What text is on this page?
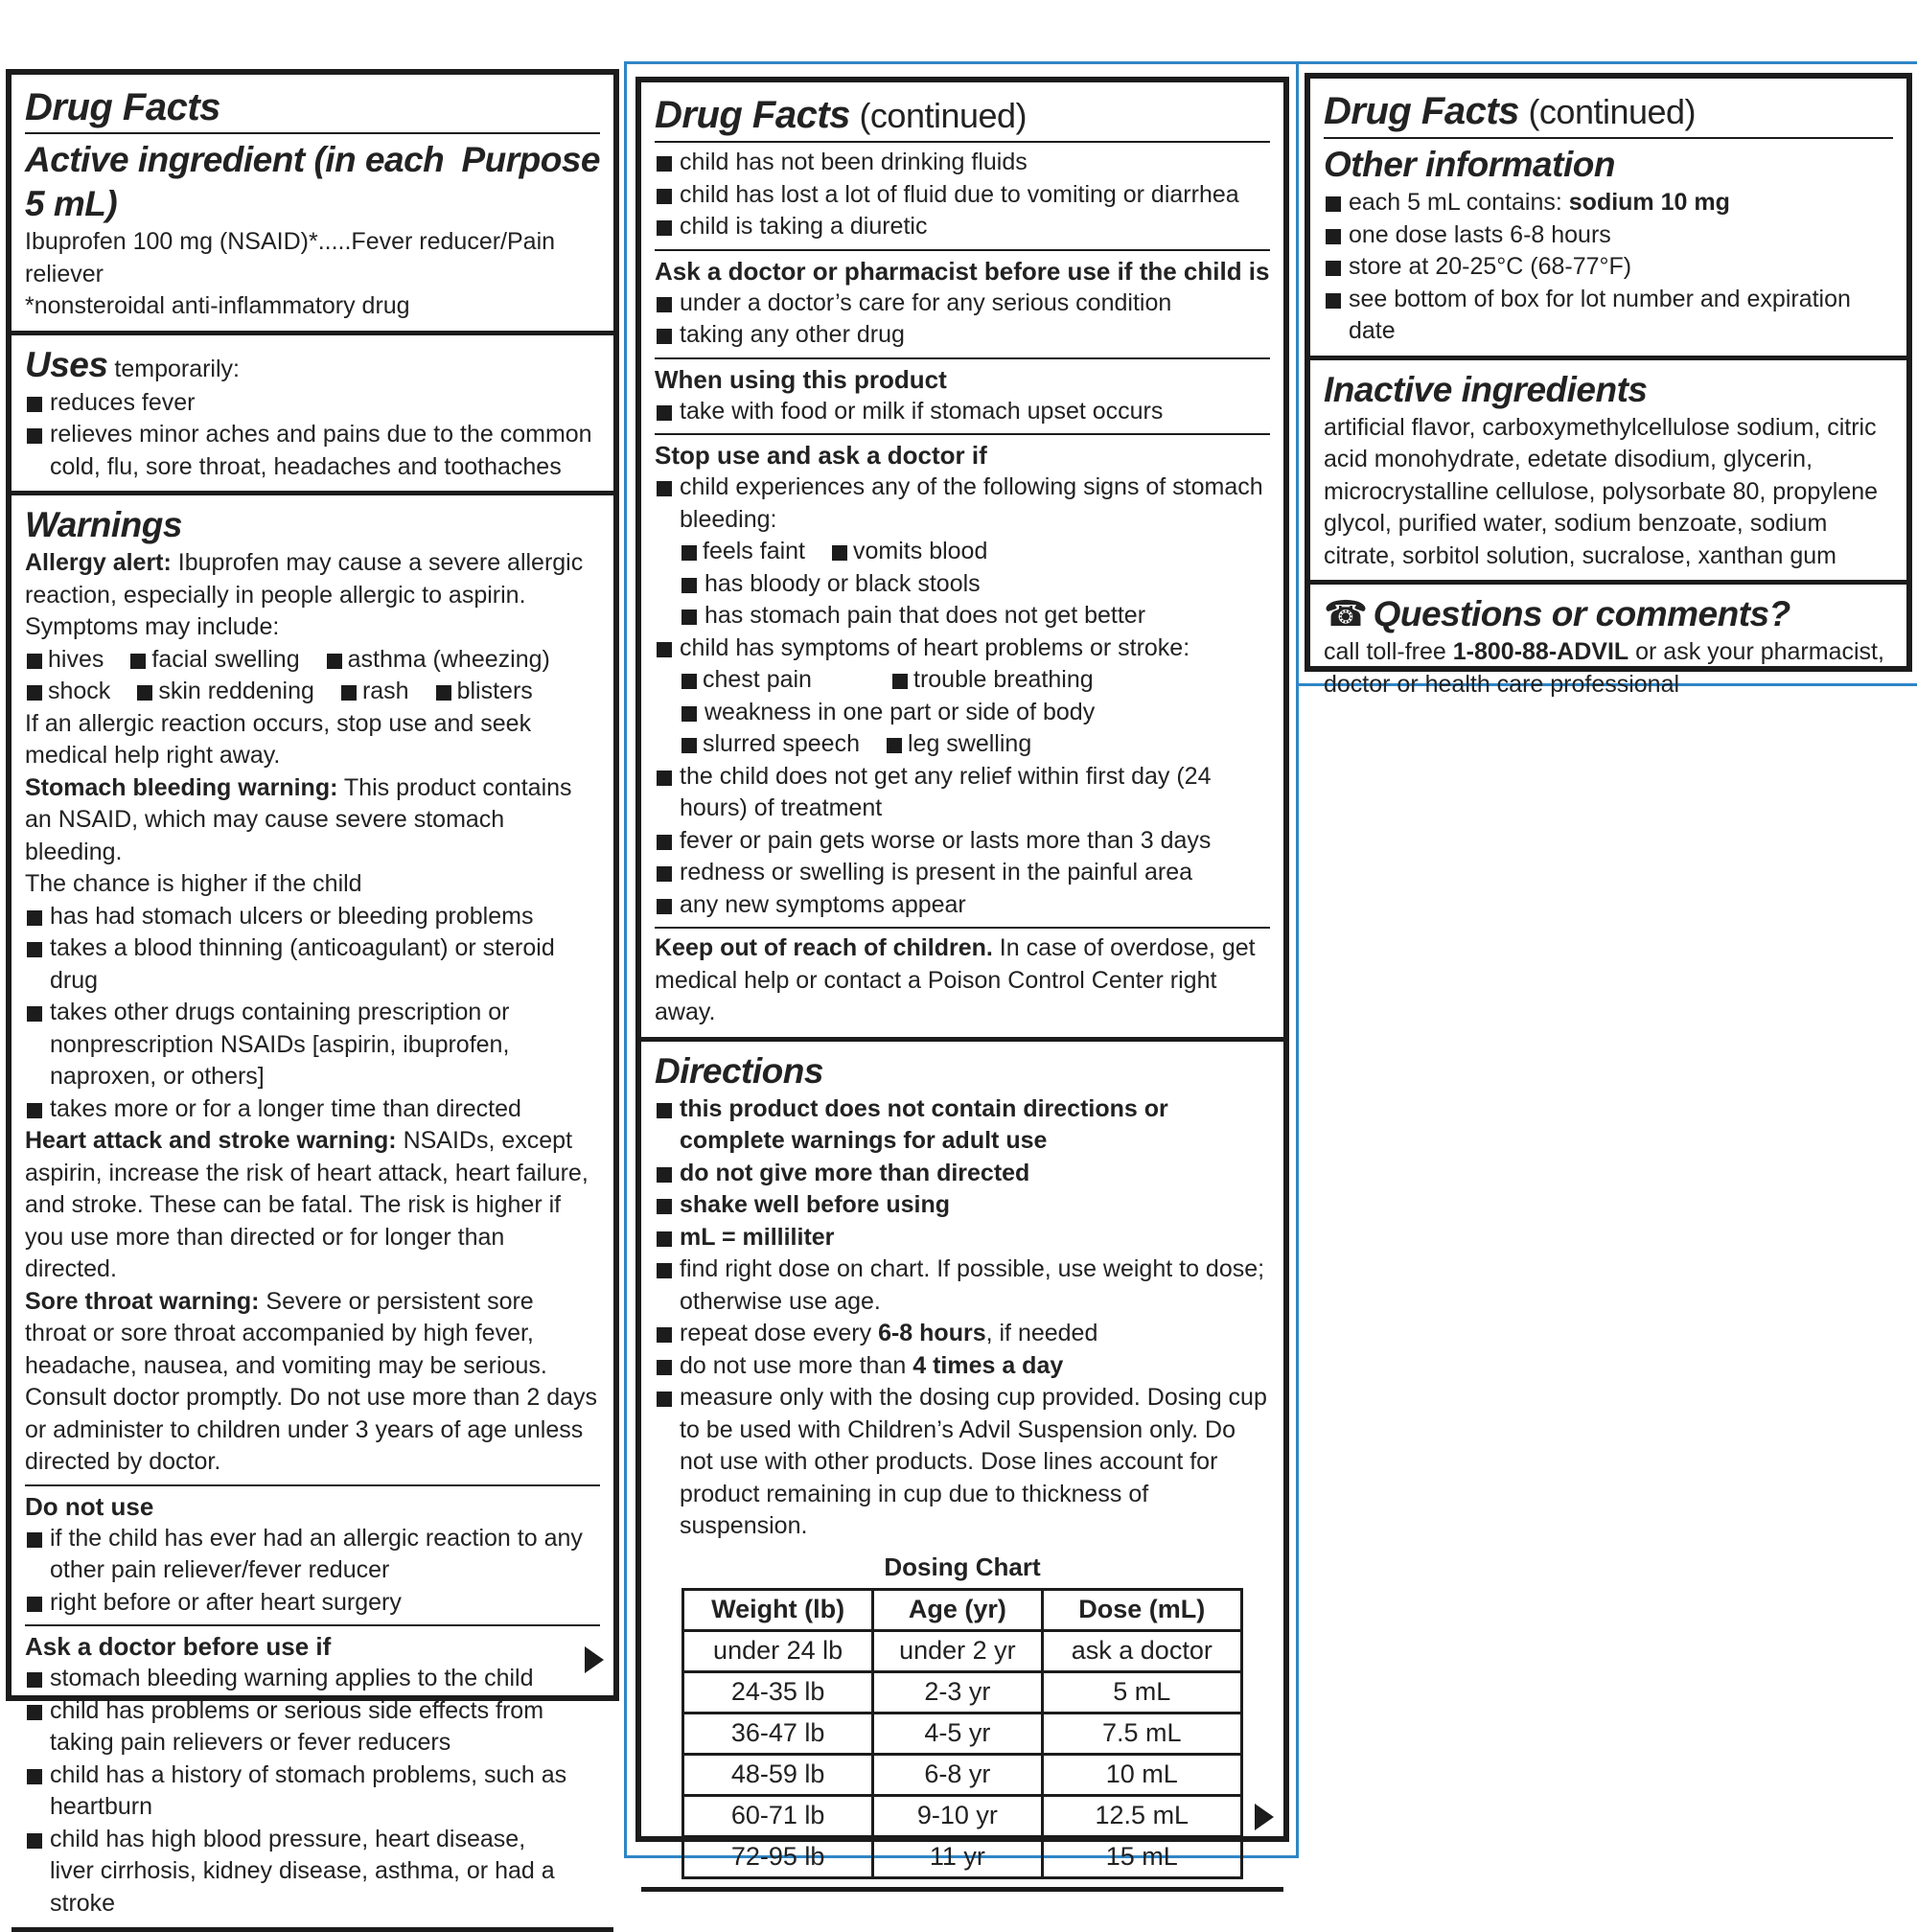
Drug Facts
Active ingredient (in each 5 mL)
Purpose

Ibuprofen 100 mg (NSAID)*.....Fever reducer/Pain reliever

*nonsteroidal anti-inflammatory drug

Uses temporarily:

reduces fever

relieves minor aches and pains due to the common cold, flu, sore throat, headaches and toothaches

Warnings

Allergy alert: Ibuprofen may cause a severe allergic reaction, especially in people allergic to aspirin. Symptoms may include:

hives	facial swelling	asthma (wheezing)

shock	skin reddening	rash	blisters

If an allergic reaction occurs, stop use and seek medical help right away.

Stomach bleeding warning: This product contains an NSAID, which may cause severe stomach bleeding.

The chance is higher if the child

has had stomach ulcers or bleeding problems

takes a blood thinning (anticoagulant) or steroid drug

takes other drugs containing prescription or nonprescription NSAIDs [aspirin, ibuprofen, naproxen, or others]

takes more or for a longer time than directed

Heart attack and stroke warning: NSAIDs, except aspirin, increase the risk of heart attack, heart failure, and stroke. These can be fatal. The risk is higher if you use more than directed or for longer than directed.

Sore throat warning: Severe or persistent sore throat or sore throat accompanied by high fever, headache, nausea, and vomiting may be serious. Consult doctor promptly. Do not use more than 2 days or administer to children under 3 years of age unless directed by doctor.

Do not use

if the child has ever had an allergic reaction to any other pain reliever/fever reducer

right before or after heart surgery

Ask a doctor before use if

stomach bleeding warning applies to the child

child has problems or serious side effects from taking pain relievers or fever reducers

child has a history of stomach problems, such as heartburn

child has high blood pressure, heart disease, liver cirrhosis, kidney disease, asthma, or had a stroke

Drug Facts (continued)

child has not been drinking fluids

child has lost a lot of fluid due to vomiting or diarrhea

child is taking a diuretic

Ask a doctor or pharmacist before use if the child is

under a doctor’s care for any serious condition

taking any other drug

When using this product

take with food or milk if stomach upset occurs

Stop use and ask a doctor if

child experiences any of the following signs of stomach bleeding:

feels faint	vomits blood

has bloody or black stools

has stomach pain that does not get better

child has symptoms of heart problems or stroke:

chest pain	trouble breathing

weakness in one part or side of body

slurred speech	leg swelling

the child does not get any relief within first day (24 hours) of treatment

fever or pain gets worse or lasts more than 3 days

redness or swelling is present in the painful area

any new symptoms appear

Keep out of reach of children. In case of overdose, get medical help or contact a Poison Control Center right away.

Directions

this product does not contain directions or complete warnings for adult use

do not give more than directed

shake well before using

mL = milliliter

find right dose on chart. If possible, use weight to dose; otherwise use age.

repeat dose every 6-8 hours, if needed

do not use more than 4 times a day

measure only with the dosing cup provided. Dosing cup to be used with Children’s Advil Suspension only. Do not use with other products. Dose lines account for product remaining in cup due to thickness of suspension.

Dosing Chart
Weight (lb)	Age (yr)	Dose (mL)
under 24 lb	under 2 yr	ask a doctor
24-35 lb	2-3 yr	5 mL
36-47 lb	4-5 yr	7.5 mL
48-59 lb	6-8 yr	10 mL
60-71 lb	9-10 yr	12.5 mL
72-95 lb	11 yr	15 mL
Drug Facts (continued)
Other information

each 5 mL contains: sodium 10 mg

one dose lasts 6-8 hours

store at 20-25°C (68-77°F)

see bottom of box for lot number and expiration date

Inactive ingredients

artificial flavor, carboxymethylcellulose sodium, citric acid monohydrate, edetate disodium, glycerin, microcrystalline cellulose, polysorbate 80, propylene glycol, purified water, sodium benzoate, sodium citrate, sorbitol solution, sucralose, xanthan gum

☎ Questions or comments?

call toll-free 1-800-88-ADVIL or ask your pharmacist, doctor or health care professional
